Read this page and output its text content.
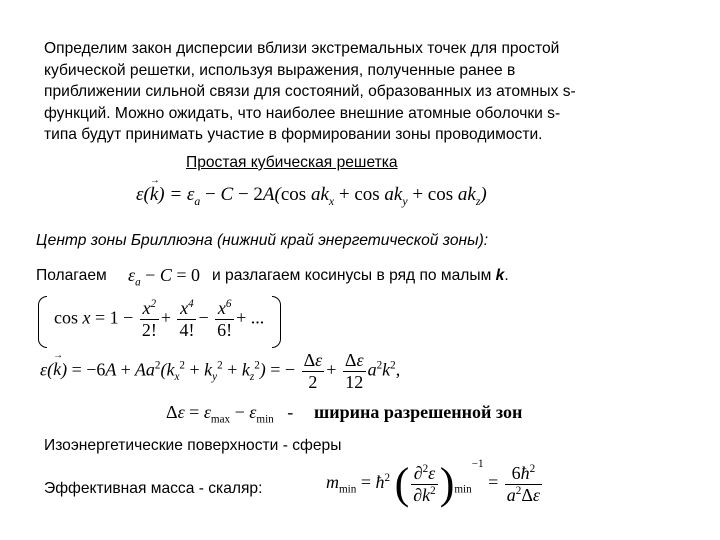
Определим закон дисперсии вблизи экстремальных точек для простой
кубической решетки, используя выражения, полученные ранее в
приближении сильной связи для состояний, образованных из атомных s-
функций. Можно ожидать, что наиболее внешние атомные оболочки s-
типа будут принимать участие в формировании зоны проводимости.

Простая кубическая решетка
$\varepsilon(\to k) = \varepsilon_a - C - 2A(\cos$ $ak_x + \cos ak_y + \cos ak_z$)
Центр зоны Бриллюэна (нижний край энергетической зоны):
Полагаем $\varepsilon_a - C = 0$ и разлагаем косинусы в ряд по малым k.
$\cos x = 1 - \frac{x^2}{2!} + \frac{x^4}{4!} - \frac{x^6}{6!}$ + ...
$\varepsilon(\to k) = -6A + Aa^2(k_x^2 + k_y^2 + k_z^2)$ = − $\frac{\Delta\varepsilon}{2} + \frac{\Delta\varepsilon}{12} a^2k^2$,
$\Delta\varepsilon = \varepsilon_{max} - \varepsilon_{min}$   - ширина разрешенной зон
Изоэнергетические поверхности - сферы
Эффективная масса - скаляр:	$m_{min}$ = $ħ^2$ ( $\frac{\partial^2\varepsilon}{\partial k^2} )_{min}^{-1} = \frac{6ħ^2}{a^2\Delta\varepsilon}$
